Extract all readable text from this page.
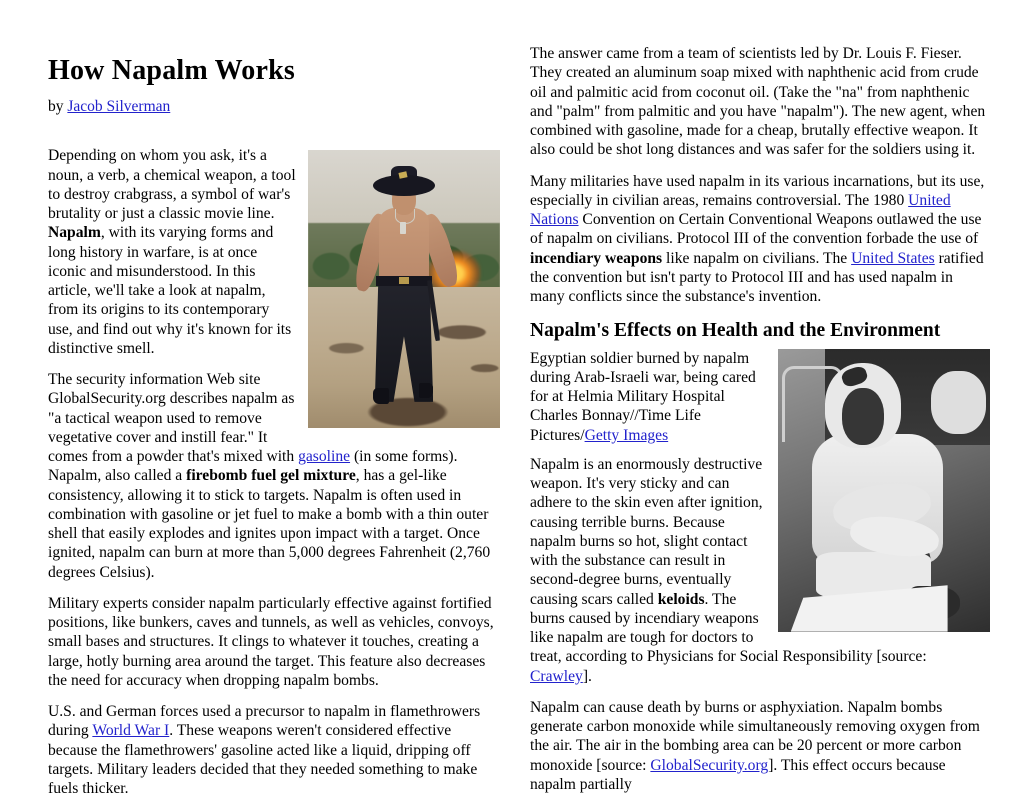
How Napalm Works
by Jacob Silverman

Depending on whom you ask, it's a noun, a verb, a chemical weapon, a tool to destroy crabgrass, a symbol of war's brutality or just a classic movie line. Napalm, with its varying forms and long history in warfare, is at once iconic and misunderstood. In this article, we'll take a look at napalm, from its origins to its contemporary use, and find out why it's known for its distinctive smell.

The security information Web site GlobalSecurity.org describes napalm as "a tactical weapon used to remove vegetative cover and instill fear." It comes from a powder that's mixed with gasoline (in some forms). Napalm, also called a firebomb fuel gel mixture, has a gel-like consistency, allowing it to stick to targets. Napalm is often used in combination with gasoline or jet fuel to make a bomb with a thin outer shell that easily explodes and ignites upon impact with a target. Once ignited, napalm can burn at more than 5,000 degrees Fahrenheit (2,760 degrees Celsius).

Military experts consider napalm particularly effective against fortified positions, like bunkers, caves and tunnels, as well as vehicles, convoys, small bases and structures. It clings to whatever it touches, creating a large, hotly burning area around the target. This feature also decreases the need for accuracy when dropping napalm bombs.

U.S. and German forces used a precursor to napalm in flamethrowers during World War I. These weapons weren't considered effective because the flamethrowers' gasoline acted like a liquid, dripping off targets. Military leaders decided that they needed something to make fuels thicker.

The answer came from a team of scientists led by Dr. Louis F. Fieser. They created an aluminum soap mixed with naphthenic acid from crude oil and palmitic acid from coconut oil. (Take the "na" from naphthenic and "palm" from palmitic and you have "napalm"). The new agent, when combined with gasoline, made for a cheap, brutally effective weapon. It also could be shot long distances and was safer for the soldiers using it.

Many militaries have used napalm in its various incarnations, but its use, especially in civilian areas, remains controversial. The 1980 United Nations Convention on Certain Conventional Weapons outlawed the use of napalm on civilians. Protocol III of the convention forbade the use of incendiary weapons like napalm on civilians. The United States ratified the convention but isn't party to Protocol III and has used napalm in many conflicts since the substance's invention.

Napalm's Effects on Health and the Environment
Egyptian soldier burned by napalm during Arab-Israeli war, being cared for at Helmia Military Hospital
Charles Bonnay//Time Life Pictures/Getty Images

Napalm is an enormously destructive weapon. It's very sticky and can adhere to the skin even after ignition, causing terrible burns. Because napalm burns so hot, slight contact with the substance can result in second-degree burns, eventually causing scars called keloids. The burns caused by incendiary weapons like napalm are tough for doctors to treat, according to Physicians for Social Responsibility [source: Crawley].

Napalm can cause death by burns or asphyxiation. Napalm bombs generate carbon monoxide while simultaneously removing oxygen from the air. The air in the bombing area can be 20 percent or more carbon monoxide [source: GlobalSecurity.org]. This effect occurs because napalm partially
